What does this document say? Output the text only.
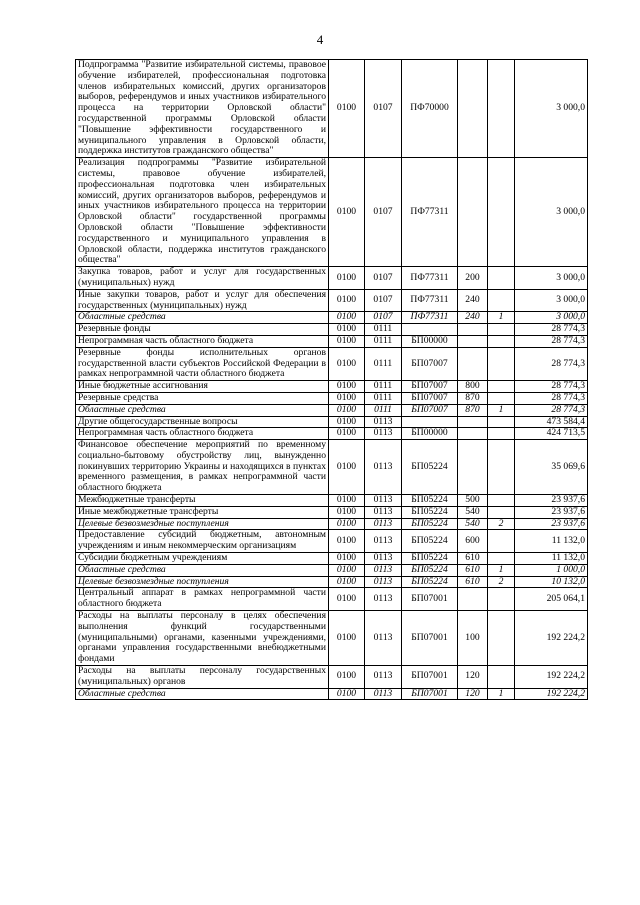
4
Подпрограмма "Развитие избирательной системы, правовое обучение избирателей, профессиональная подготовка членов избирательных комиссий, других организаторов выборов, референдумов и иных участников избирательного процесса на территории Орловской области" государственной программы Орловской области "Повышение эффективности государственного и муниципального управления в Орловской области, поддержка институтов гражданского общества"	0100	0107	ПФ70000			3 000,0
Реализация подпрограммы "Развитие избирательной системы, правовое обучение избирателей, профессиональная подготовка член избирательных комиссий, других организаторов выборов, референдумов и иных участников избирательного процесса на территории Орловской области" государственной программы Орловской области "Повышение эффективности государственного и муниципального управления в Орловской области, поддержка институтов гражданского общества"	0100	0107	ПФ77311			3 000,0
Закупка товаров, работ и услуг для государственных (муниципальных) нужд	0100	0107	ПФ77311	200		3 000,0
Иные закупки товаров, работ и услуг для обеспечения государственных (муниципальных) нужд	0100	0107	ПФ77311	240		3 000,0
Областные средства	0100	0107	ПФ77311	240	1	3 000,0
Резервные фонды	0100	0111				28 774,3
Непрограммная часть областного бюджета	0100	0111	БП00000			28 774,3
Резервные фонды исполнительных органов государственной власти субъектов Российской Федерации в рамках непрограммной части областного бюджета	0100	0111	БП07007			28 774,3
Иные бюджетные ассигнования	0100	0111	БП07007	800		28 774,3
Резервные средства	0100	0111	БП07007	870		28 774,3
Областные средства	0100	0111	БП07007	870	1	28 774,3
Другие общегосударственные вопросы	0100	0113				473 584,4
Непрограммная часть областного бюджета	0100	0113	БП00000			424 713,5
Финансовое обеспечение мероприятий по временному социально-бытовому обустройству лиц, вынужденно покинувших территорию Украины и находящихся в пунктах временного размещения, в рамках непрограммной части областного бюджета	0100	0113	БП05224			35 069,6
Межбюджетные трансферты	0100	0113	БП05224	500		23 937,6
Иные межбюджетные трансферты	0100	0113	БП05224	540		23 937,6
Целевые безвозмездные поступления	0100	0113	БП05224	540	2	23 937,6
Предоставление субсидий бюджетным, автономным учреждениям и иным некоммерческим организациям	0100	0113	БП05224	600		11 132,0
Субсидии бюджетным учреждениям	0100	0113	БП05224	610		11 132,0
Областные средства	0100	0113	БП05224	610	1	1 000,0
Целевые безвозмездные поступления	0100	0113	БП05224	610	2	10 132,0
Центральный аппарат в рамках непрограммной части областного бюджета	0100	0113	БП07001			205 064,1
Расходы на выплаты персоналу в целях обеспечения выполнения функций государственными (муниципальными) органами, казенными учреждениями, органами управления государственными внебюджетными фондами	0100	0113	БП07001	100		192 224,2
Расходы на выплаты персоналу государственных (муниципальных) органов	0100	0113	БП07001	120		192 224,2
Областные средства	0100	0113	БП07001	120	1	192 224,2
